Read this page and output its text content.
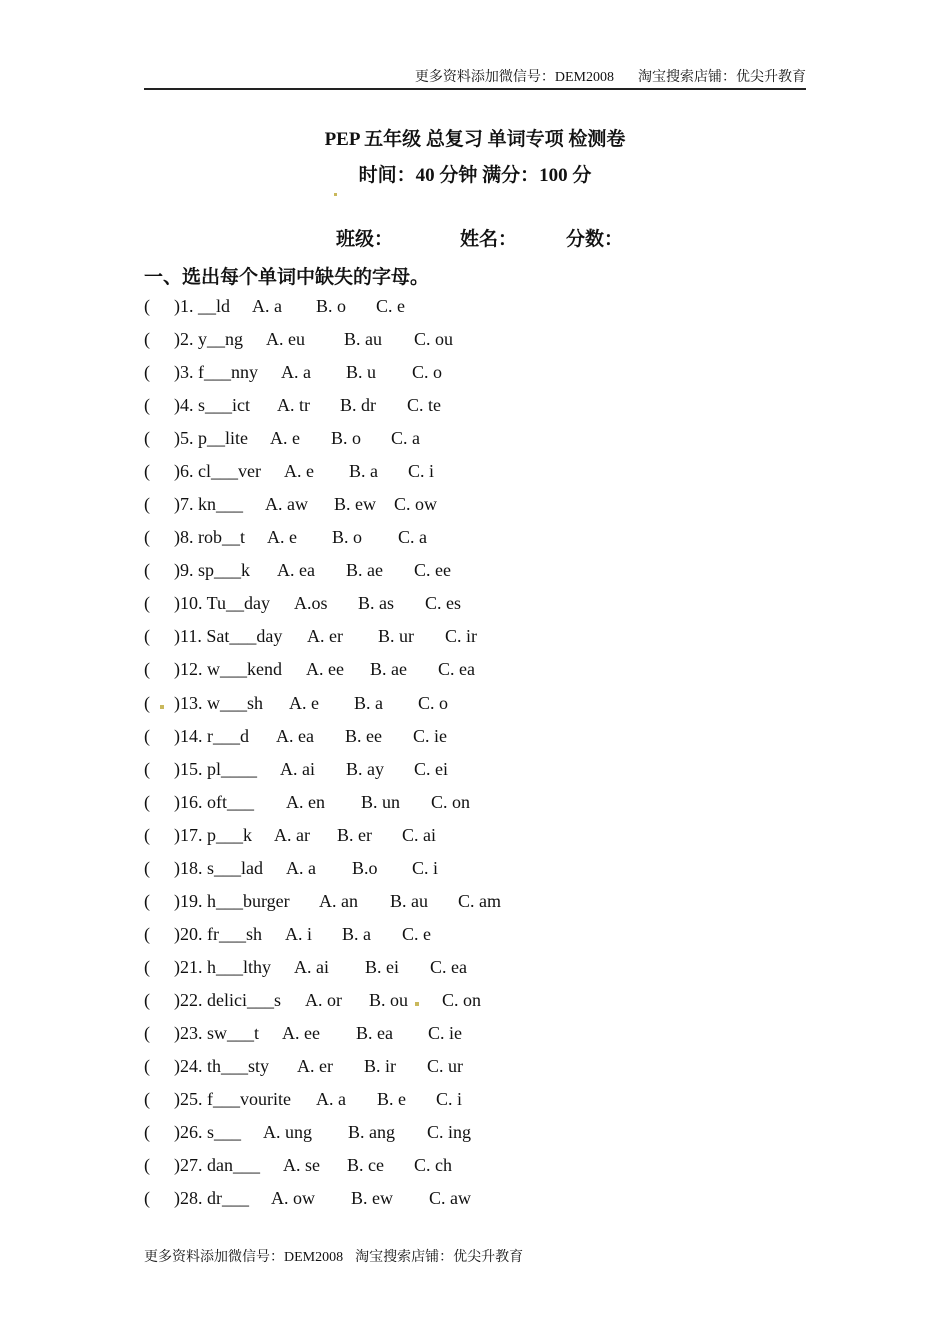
更多资料添加微信号：DEM2008 淘宝搜索店铺：优尖升教育
PEP 五年级 总复习 单词专项 检测卷
时间：40 分钟 满分：100 分
班级：	姓名：	分数：
一、选出每个单词中缺失的字母。
( )1. __ld A. a B. o C. e
( )2. y__ng A. eu B. au C. ou
( )3. f___nny A. a B. u C. o
( )4. s___ict A. tr B. dr C. te
( )5. p__lite A. e B. o C. a
( )6. cl___ver A. e B. a C. i
( )7. kn___ A. aw B. ew C. ow
( )8. rob__t A. e B. o C. a
( )9. sp___k A. ea B. ae C. ee
( )10. Tu__day A.os B. as C. es
( )11. Sat___day A. er B. ur C. ir
( )12. w___kend A. ee B. ae C. ea
( )13. w___sh A. e B. a C. o
( )14. r___d A. ea B. ee C. ie
( )15. pl____ A. ai B. ay C. ei
( )16. oft___ A. en B. un C. on
( )17. p___k A. ar B. er C. ai
( )18. s___lad A. a B.o C. i
( )19. h___burger A. an B. au C. am
( )20. fr___sh A. i B. a C. e
( )21. h___lthy A. ai B. ei C. ea
( )22. delici___s A. or B. ou C. on
( )23. sw___t A. ee B. ea C. ie
( )24. th___sty A. er B. ir C. ur
( )25. f___vourite A. a B. e C. i
( )26. s___ A. ung B. ang C. ing
( )27. dan___ A. se B. ce C. ch
( )28. dr___ A. ow B. ew C. aw
更多资料添加微信号：DEM2008 淘宝搜索店铺：优尖升教育
